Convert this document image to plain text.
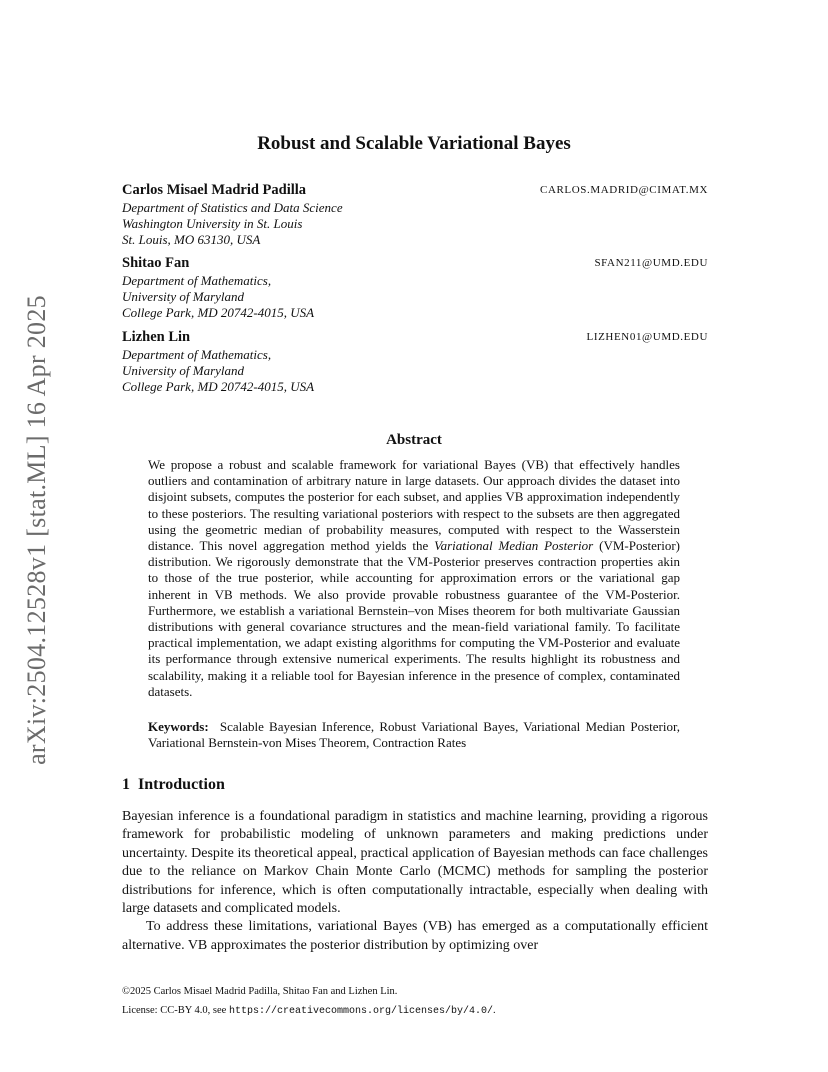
arXiv:2504.12528v1 [stat.ML] 16 Apr 2025
Robust and Scalable Variational Bayes
Carlos Misael Madrid Padilla	CARLOS.MADRID@CIMAT.MX
Department of Statistics and Data Science
Washington University in St. Louis
St. Louis, MO 63130, USA
Shitao Fan	SFAN211@UMD.EDU
Department of Mathematics,
University of Maryland
College Park, MD 20742-4015, USA
Lizhen Lin	LIZHEN01@UMD.EDU
Department of Mathematics,
University of Maryland
College Park, MD 20742-4015, USA
Abstract
We propose a robust and scalable framework for variational Bayes (VB) that effectively handles outliers and contamination of arbitrary nature in large datasets. Our approach divides the dataset into disjoint subsets, computes the posterior for each subset, and applies VB approximation independently to these posteriors. The resulting variational posteriors with respect to the subsets are then aggregated using the geometric median of probability measures, computed with respect to the Wasserstein distance. This novel aggregation method yields the Variational Median Posterior (VM-Posterior) distribution. We rigorously demonstrate that the VM-Posterior preserves contraction properties akin to those of the true posterior, while accounting for approximation errors or the variational gap inherent in VB methods. We also provide provable robustness guarantee of the VM-Posterior. Furthermore, we establish a variational Bernstein–von Mises theorem for both multivariate Gaussian distributions with general covariance structures and the mean-field variational family. To facilitate practical implementation, we adapt existing algorithms for computing the VM-Posterior and evaluate its performance through extensive numerical experiments. The results highlight its robustness and scalability, making it a reliable tool for Bayesian inference in the presence of complex, contaminated datasets.
Keywords: Scalable Bayesian Inference, Robust Variational Bayes, Variational Median Posterior, Variational Bernstein-von Mises Theorem, Contraction Rates
1 Introduction

Bayesian inference is a foundational paradigm in statistics and machine learning, providing a rigorous framework for probabilistic modeling of unknown parameters and making predictions under uncertainty. Despite its theoretical appeal, practical application of Bayesian methods can face challenges due to the reliance on Markov Chain Monte Carlo (MCMC) methods for sampling the posterior distributions for inference, which is often computationally intractable, especially when dealing with large datasets and complicated models.

To address these limitations, variational Bayes (VB) has emerged as a computationally efficient alternative. VB approximates the posterior distribution by optimizing over

©2025 Carlos Misael Madrid Padilla, Shitao Fan and Lizhen Lin.
License: CC-BY 4.0, see https://creativecommons.org/licenses/by/4.0/.
